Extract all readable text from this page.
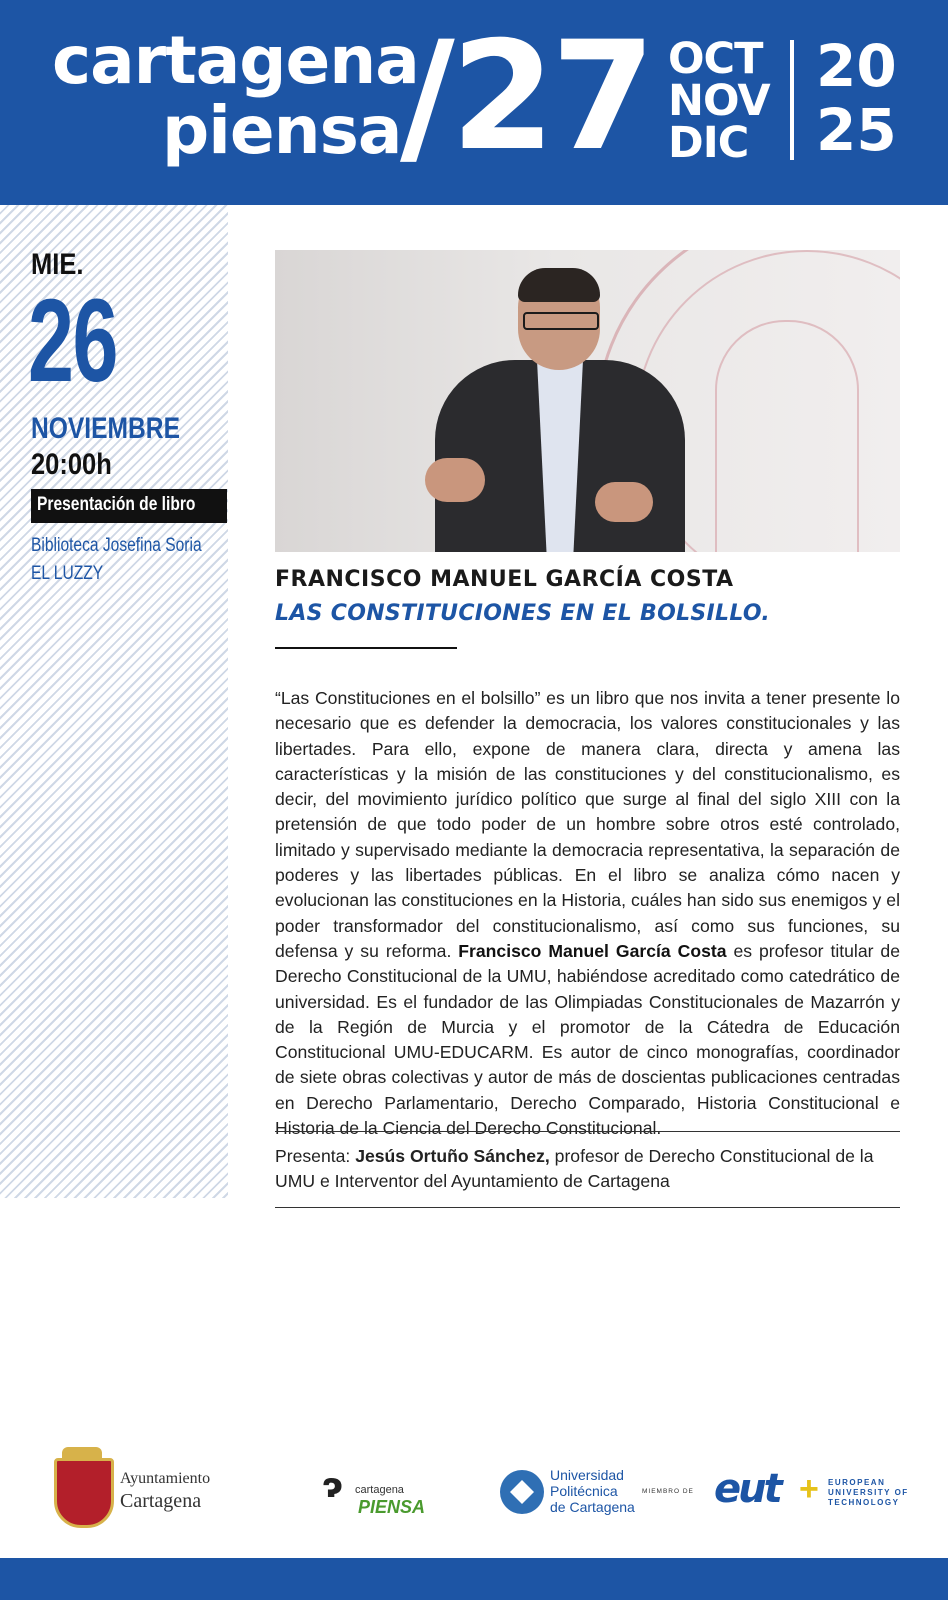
cartagena
piensa
/27 OCT
NOV
DIC
20
25
MIE.
26
NOVIEMBRE
20:00h
Presentación de libro
Biblioteca Josefina Soria
EL LUZZY	FRANCISCO MANUEL GARCÍA COSTA
LAS CONSTITUCIONES EN EL BOLSILLO.

“Las Constituciones en el bolsillo” es un libro que nos invita a tener presente lo necesario que es defender la democracia, los valores constitucionales y las libertades. Para ello, expone de manera clara, directa y amena las características y la misión de las constituciones y del constitucionalismo, es decir, del movimiento jurídico político que surge al final del siglo XIII con la pretensión de que todo poder de un hombre sobre otros esté controlado, limitado y supervisado mediante la democracia representativa, la separación de poderes y las libertades públicas. En el libro se analiza cómo nacen y evolucionan las constituciones en la Historia, cuáles han sido sus enemigos y el poder transformador del constitucionalismo, así como sus funciones, su defensa y su reforma. Francisco Manuel García Costa es profesor titular de Derecho Constitucional de la UMU, habiéndose acreditado como catedrático de universidad. Es el fundador de las Olimpiadas Constitucionales de Mazarrón y de la Región de Murcia y el promotor de la Cátedra de Educación Constitucional UMU-EDUCARM. Es autor de cinco monografías, coordinador de siete obras colectivas y autor de más de doscientas publicaciones centradas en Derecho Parlamentario, Derecho Comparado, Historia Constitucional e Historia de la Ciencia del Derecho Constitucional.

Presenta: Jesús Ortuño Sánchez, profesor de Derecho Constitucional de la UMU e Interventor del Ayuntamiento de Cartagena
Ayuntamiento
Cartagena	ɂ cartagena
PIENSA
Universidad
Politécnica
de Cartagena
MIEMBRO DE eut + EUROPEAN
UNIVERSITY OF
TECHNOLOGY
